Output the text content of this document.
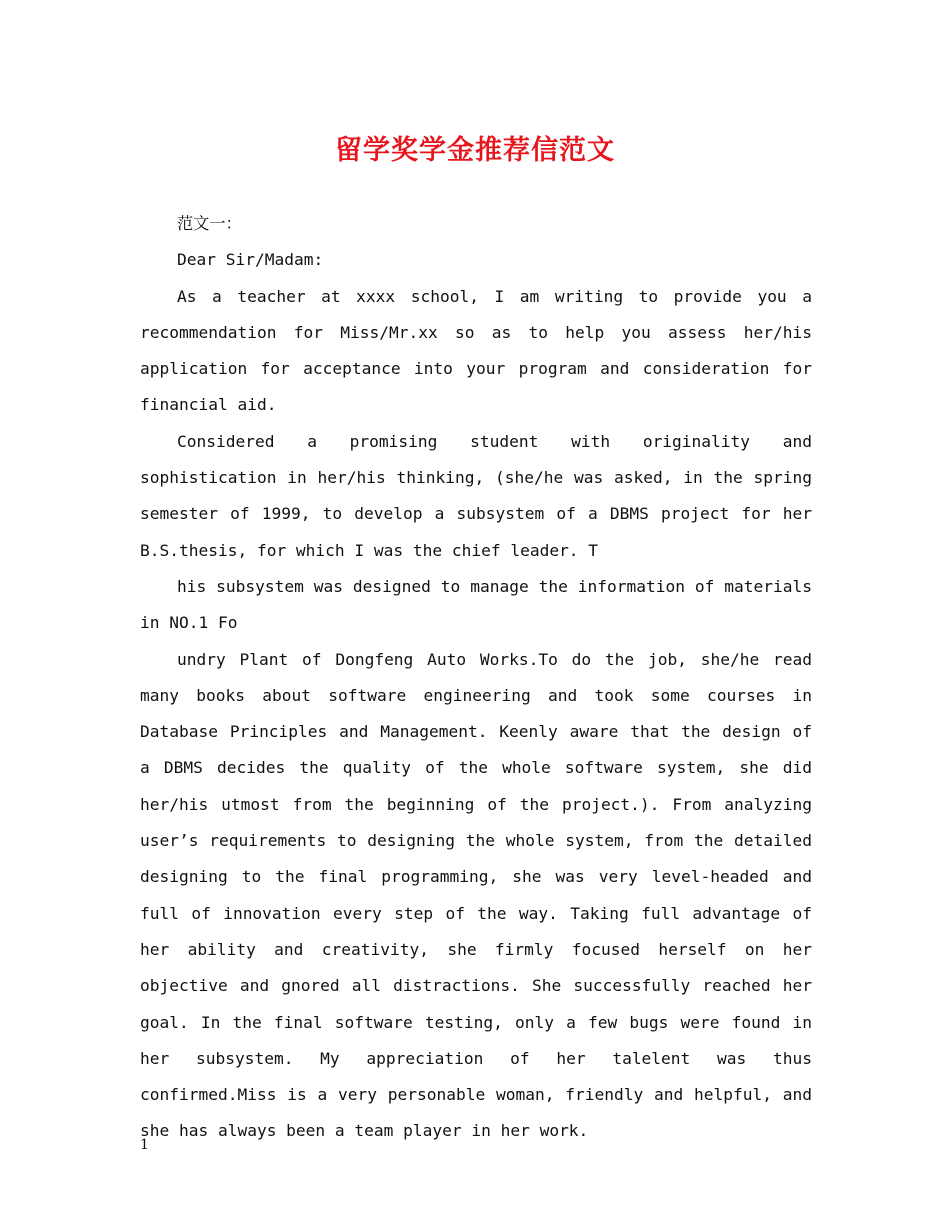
留学奖学金推荐信范文

范文一：

Dear Sir/Madam:

As a teacher at xxxx school, I am writing to provide you a recommendation for Miss/Mr.xx so as to help you assess her/his application for acceptance into your program and consideration for financial aid.

Considered a promising student with originality and sophistication in her/his thinking, (she/he was asked, in the spring semester of 1999, to develop a subsystem of a DBMS project for her B.S.thesis, for which I was the chief leader. T

his subsystem was designed to manage the information of materials in NO.1 Fo

undry Plant of Dongfeng Auto Works.To do the job, she/he read many books about software engineering and took some courses in Database Principles and Management. Keenly aware that the design of a DBMS decides the quality of the whole software system, she did her/his utmost from the beginning of the project.). From analyzing user’s requirements to designing the whole system, from the detailed designing to the final programming, she was very level-headed and full of innovation every step of the way. Taking full advantage of her ability and creativity, she firmly focused herself on her objective and gnored all distractions. She successfully reached her goal. In the final software testing, only a few bugs were found in her subsystem. My appreciation of her talelent was thus confirmed.Miss is a very personable woman, friendly and helpful, and she has always been a team player in her work.

1
